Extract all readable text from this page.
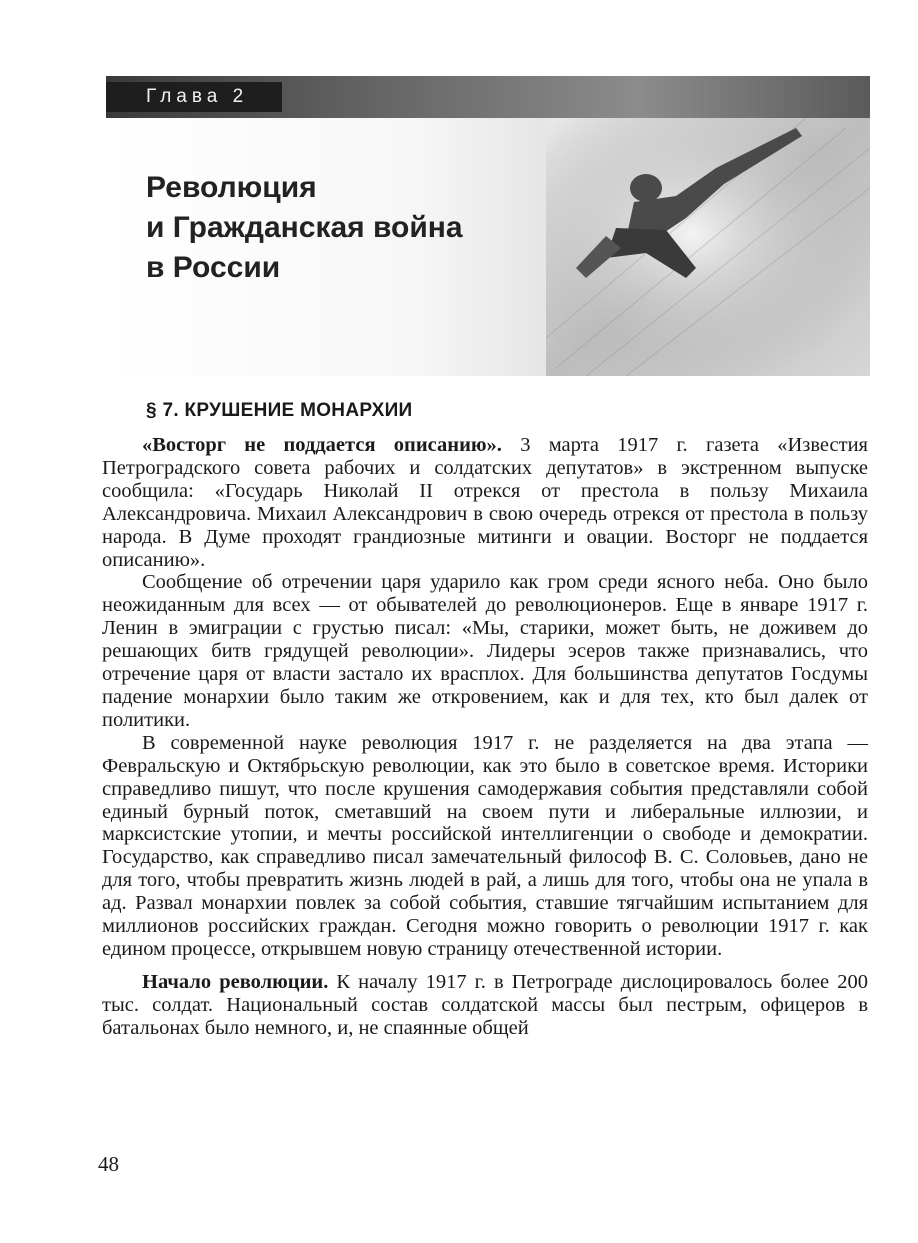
Глава 2
Революция
и Гражданская война
в России
§ 7. КРУШЕНИЕ МОНАРХИИ

«Восторг не поддается описанию». 3 марта 1917 г. газета «Известия Петроградского совета рабочих и солдатских депутатов» в экстренном выпуске сообщила: «Государь Николай II отрекся от престола в пользу Михаила Александровича. Михаил Александрович в свою очередь отрекся от престола в пользу народа. В Думе проходят грандиозные митинги и овации. Восторг не поддается описанию».

Сообщение об отречении царя ударило как гром среди ясного неба. Оно было неожиданным для всех — от обывателей до революционеров. Еще в январе 1917 г. Ленин в эмиграции с грустью писал: «Мы, старики, может быть, не доживем до решающих битв грядущей революции». Лидеры эсеров также признавались, что отречение царя от власти застало их врасплох. Для большинства депутатов Госдумы падение монархии было таким же откровением, как и для тех, кто был далек от политики.

В современной науке революция 1917 г. не разделяется на два этапа — Февральскую и Октябрьскую революции, как это было в советское время. Историки справедливо пишут, что после крушения самодержавия события представляли собой единый бурный поток, сметавший на своем пути и либеральные иллюзии, и марксистские утопии, и мечты российской интеллигенции о свободе и демократии. Государство, как справедливо писал замечательный философ В. С. Соловьев, дано не для того, чтобы превратить жизнь людей в рай, а лишь для того, чтобы она не упала в ад. Развал монархии повлек за собой события, ставшие тягчайшим испытанием для миллионов российских граждан. Сегодня можно говорить о революции 1917 г. как едином процессе, открывшем новую страницу отечественной истории.

Начало революции. К началу 1917 г. в Петрограде дислоцировалось более 200 тыс. солдат. Национальный состав солдатской массы был пестрым, офицеров в батальонах было немного, и, не спаянные общей

48
